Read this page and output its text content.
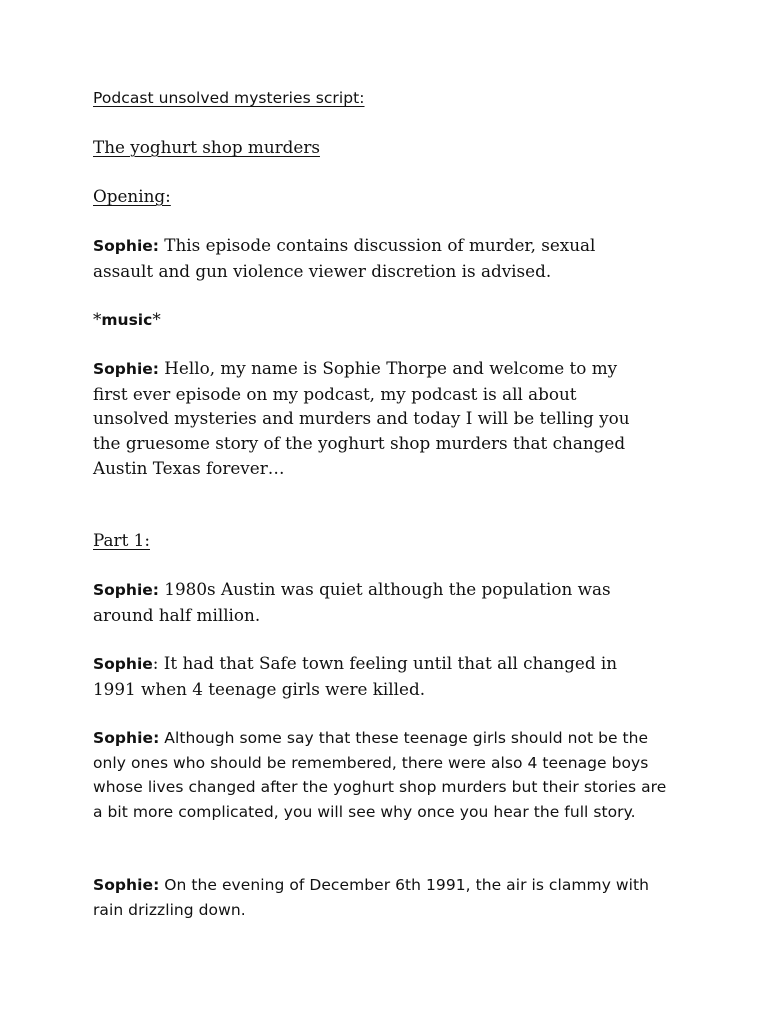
Podcast unsolved mysteries script:

The yoghurt shop murders

Opening:

Sophie: This episode contains discussion of murder, sexual assault and gun violence viewer discretion is advised.

*music*

Sophie: Hello, my name is Sophie Thorpe and welcome to my first ever episode on my podcast, my podcast is all about unsolved mysteries and murders and today I will be telling you the gruesome story of the yoghurt shop murders that changed Austin Texas forever…

Part 1:

Sophie: 1980s Austin was quiet although the population was around half million.

Sophie: It had that Safe town feeling until that all changed in 1991 when 4 teenage girls were killed.

Sophie: Although some say that these teenage girls should not be the only ones who should be remembered, there were also 4 teenage boys whose lives changed after the yoghurt shop murders but their stories are a bit more complicated, you will see why once you hear the full story.

Sophie: On the evening of December 6th 1991, the air is clammy with rain drizzling down.
